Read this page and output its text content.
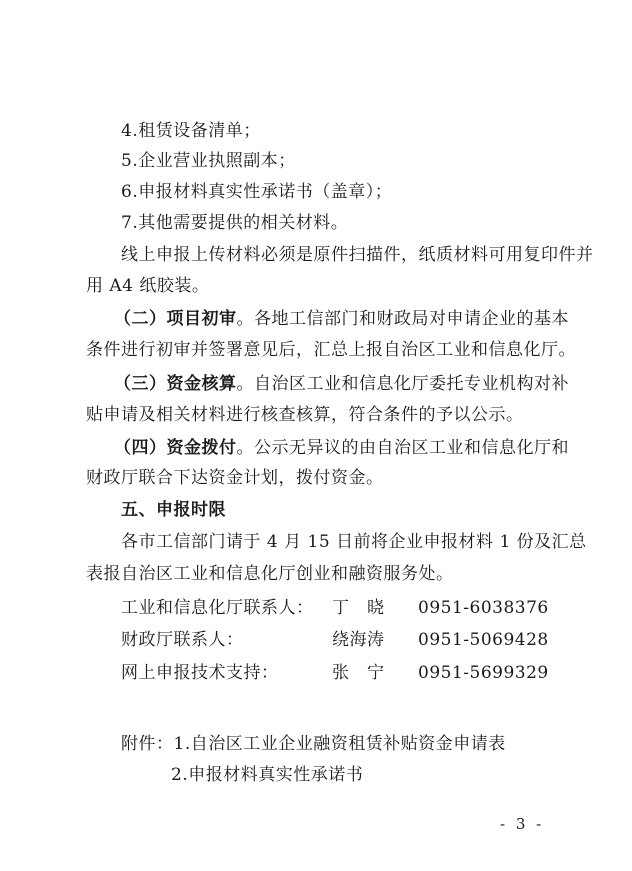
4.租赁设备清单；
5.企业营业执照副本；
6.申报材料真实性承诺书（盖章）；
7.其他需要提供的相关材料。
线上申报上传材料必须是原件扫描件，纸质材料可用复印件并
用 A4 纸胶装。
（二）项目初审。各地工信部门和财政局对申请企业的基本
条件进行初审并签署意见后，汇总上报自治区工业和信息化厅。
（三）资金核算。自治区工业和信息化厅委托专业机构对补
贴申请及相关材料进行核查核算，符合条件的予以公示。
（四）资金拨付。公示无异议的由自治区工业和信息化厅和
财政厅联合下达资金计划，拨付资金。
五、申报时限
各市工信部门请于 4 月 15 日前将企业申报材料 1 份及汇总
表报自治区工业和信息化厅创业和融资服务处。
工业和信息化厅联系人： 丁　晓 0951-6038376
财政厅联系人：	绕海涛 0951-5069428
网上申报技术支持：	张　宁 0951-5699329
附件：1.自治区工业企业融资租赁补贴资金申请表
2.申报材料真实性承诺书
- 3 -
